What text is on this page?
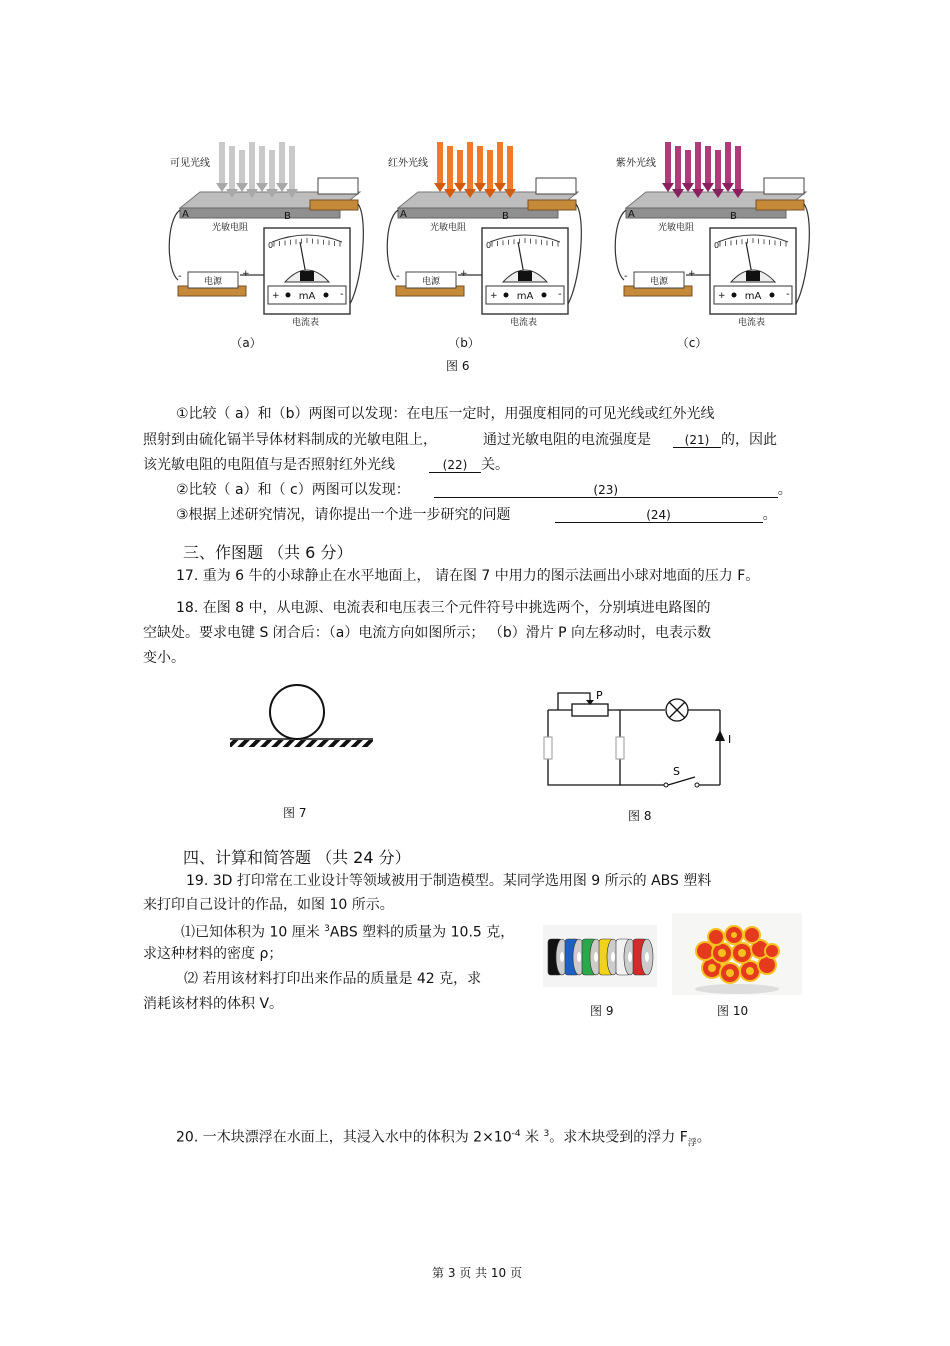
可见光线
A	B
光敏电阻
电源
-	+
0
+ mA -
电流表
（a）
红外光线
A	B
光敏电阻
电源
-	+
0
+ mA -
电流表
（b）
紫外光线
A	B
光敏电阻
电源
-	+
0
+ mA -
电流表
（c）
图 6
①比较（ a）和（b）两图可以发现：在电压一定时，用强度相同的可见光线或红外光线
照射到由硫化镉半导体材料制成的光敏电阻上，	通过光敏电阻的电流强度是	(21) 的，因此
该光敏电阻的电阻值与是否照射红外光线	(22) 关。
②比较（ a）和（ c）两图可以发现：	(23)	。
③根据上述研究情况，请你提出一个进一步研究的问题	(24)	。
三、作图题 （共 6 分）
17. 重为 6 牛的小球静止在水平地面上， 请在图 7 中用力的图示法画出小球对地面的压力 F。
18. 在图 8 中，从电源、电流表和电压表三个元件符号中挑选两个，分别填进电路图的
空缺处。要求电键 S 闭合后：（a）电流方向如图所示； （b）滑片 P 向左移动时，电表示数
变小。
图 7
P
I
S
图 8
四、计算和简答题 （共 24 分）
19. 3D 打印常在工业设计等领域被用于制造模型。某同学选用图 9 所示的 ABS 塑料
来打印自己设计的作品，如图 10 所示。
⑴已知体积为 10 厘米 $^3$ABS 塑料的质量为 10.5 克，
求这种材料的密度 ρ；
⑵ 若用该材料打印出来作品的质量是 42 克，求
消耗该材料的体积 V。	图 9	图 10
20. 一木块漂浮在水面上，其浸入水中的体积为 $2\times 10^{-4}$ 米 $^3$。求木块受到的浮力 $F_浮$。
第 3 页 共 10 页
